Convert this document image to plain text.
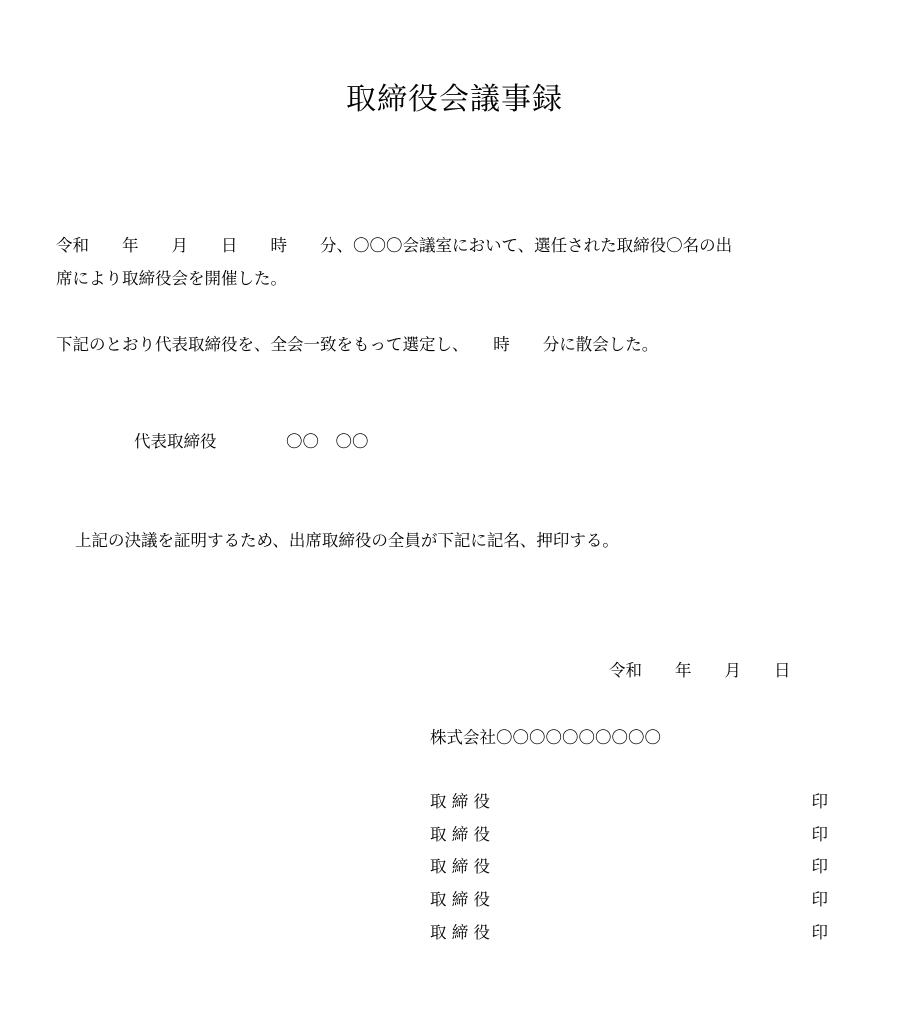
取締役会議事録
令和　　年　　月　　日　　時　　分、〇〇〇会議室において、選任された取締役〇名の出
席により取締役会を開催した。
下記のとおり代表取締役を、全会一致をもって選定し、　　時　　分に散会した。
代表取締役	〇〇　〇〇
上記の決議を証明するため、出席取締役の全員が下記に記名、押印する。
令和　　年　　月　　日
株式会社〇〇〇〇〇〇〇〇〇〇
取 締 役	印
取 締 役	印
取 締 役	印
取 締 役	印
取 締 役	印
